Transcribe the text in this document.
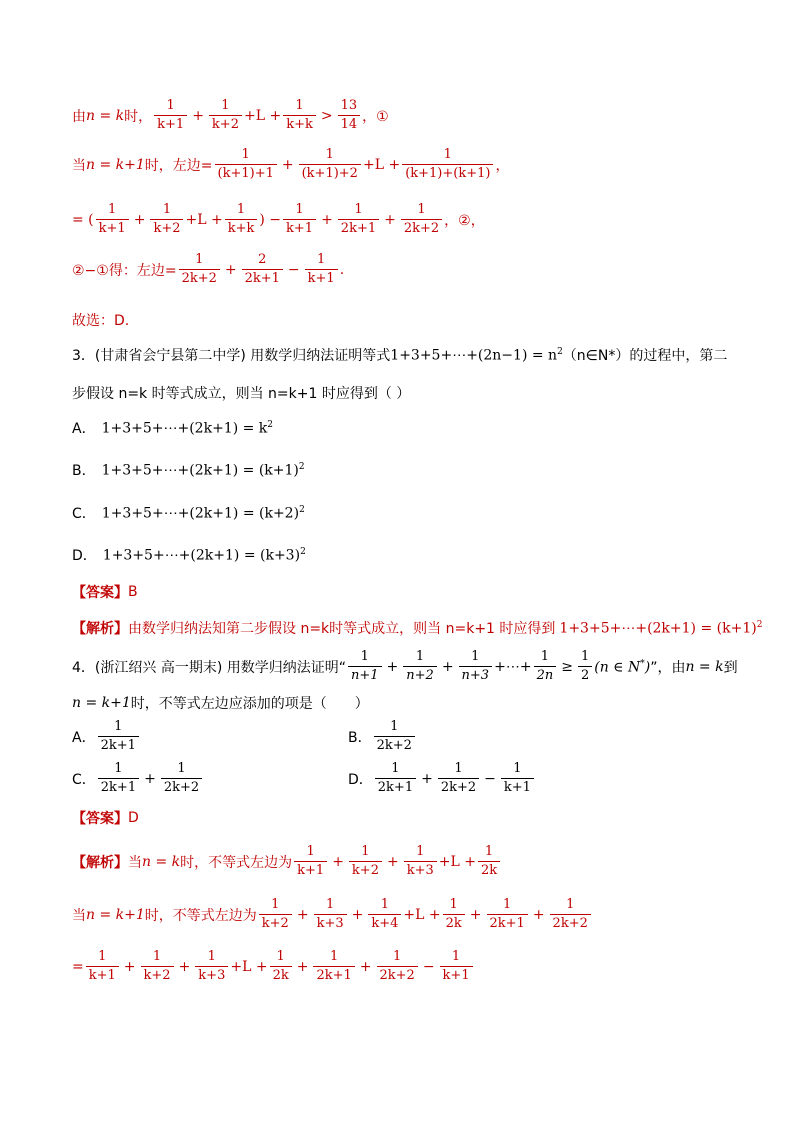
由 n = k 时， $\frac{1}{k+1} + \frac{1}{k+2} +L + \frac{1}{k+k} > \frac{13}{14}$ ，①
当 n = k+1 时，左边= $\frac{1}{(k+1)+1} + \frac{1}{(k+1)+2} +L + \frac{1}{(k+1)+(k+1)}$ ，
= ( $\frac{1}{k+1} + \frac{1}{k+2} +L + \frac{1}{k+k}$ ) − $\frac{1}{k+1} + \frac{1}{2k+1} + \frac{1}{2k+2}$ ，②，
②−①得：左边= $\frac{1}{2k+2} + \frac{2}{2k+1} - \frac{1}{k+1}$ .
故选：D.
3．(甘肃省会宁县第二中学) 用数学归纳法证明等式 1+3+5+⋯+(2n−1) = $n^2$ （n∈N*）的过程中，第二
步假设 n=k 时等式成立，则当 n=k+1 时应得到（ ）
A． 1+3+5+⋯+(2k+1) = $k^2$
B． 1+3+5+⋯+(2k+1) = $(k+1)^2$
C． 1+3+5+⋯+(2k+1) = $(k+2)^2$
D． 1+3+5+⋯+(2k+1) = $(k+3)^2$
【答案】 B
【解析】 由数学归纳法知第二步假设 n=k时等式成立，则当 n=k+1 时应得到 1+3+5+⋯+(2k+1) = $(k+1)^2$
4．(浙江绍兴 高一期末) 用数学归纳法证明“ $\frac{1}{n+1} + \frac{1}{n+2} + \frac{1}{n+3}$ +⋯+ $\frac{1}{2n} \ge \frac{1}{2} (n$ ∈ N*) ”，由 n = k 到
n = k+1 时，不等式左边应添加的项是（　　）
A． $\frac{1}{2k+1}$	B． $\frac{1}{2k+2}$
C． $\frac{1}{2k+1} + \frac{1}{2k+2}$	D． $\frac{1}{2k+1} + \frac{1}{2k+2} - \frac{1}{k+1}$
【答案】 D
【解析】 当 n = k 时，不等式左边为 $\frac{1}{k+1} + \frac{1}{k+2} + \frac{1}{k+3} +L + \frac{1}{2k}$
当 n = k+1 时，不等式左边为 $\frac{1}{k+2} + \frac{1}{k+3} + \frac{1}{k+4} +L + \frac{1}{2k} + \frac{1}{2k+1} + \frac{1}{2k+2}$
= $\frac{1}{k+1} + \frac{1}{k+2} + \frac{1}{k+3} +L + \frac{1}{2k} + \frac{1}{2k+1} + \frac{1}{2k+2} - \frac{1}{k+1}$
